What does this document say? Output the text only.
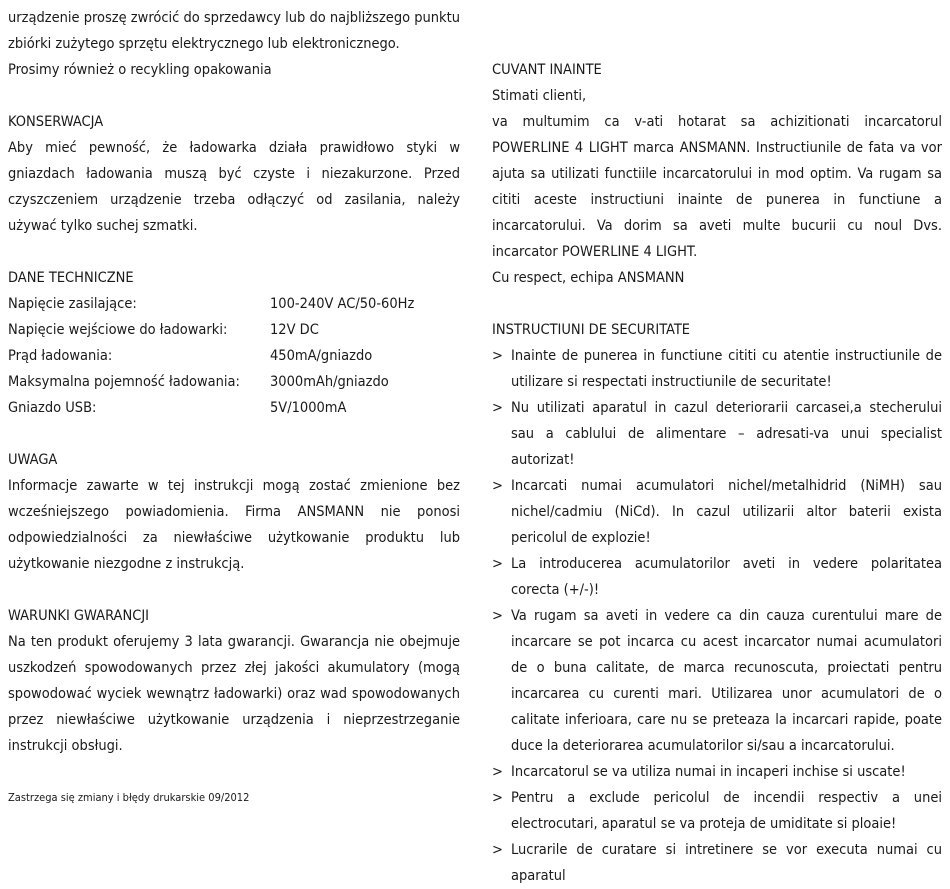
urządzenie proszę zwrócić do sprzedawcy lub do najbliższego punktu

zbiórki zużytego sprzętu elektrycznego lub elektronicznego.

Prosimy również o recykling opakowania

KONSERWACJA

Aby mieć pewność, że ładowarka działa prawidłowo styki w gniazdach ładowania muszą być czyste i niezakurzone. Przed czyszczeniem urządzenie trzeba odłączyć od zasilania, należy używać tylko suchej szmatki.

DANE TECHNICZNE

Napięcie zasilające:	100-240V AC/50-60Hz
Napięcie wejściowe do ładowarki:	12V DC
Prąd ładowania:	450mA/gniazdo
Maksymalna pojemność ładowania:	3000mAh/gniazdo
Gniazdo USB:	5V/1000mA

UWAGA

Informacje zawarte w tej instrukcji mogą zostać zmienione bez wcześniejszego powiadomienia. Firma ANSMANN nie ponosi odpowiedzialności za niewłaściwe użytkowanie produktu lub użytkowanie niezgodne z instrukcją.

WARUNKI GWARANCJI

Na ten produkt oferujemy 3 lata gwarancji. Gwarancja nie obejmuje uszkodzeń spowodowanych przez złej jakości akumulatory (mogą spowodować wyciek wewnątrz ładowarki) oraz wad spowodowanych przez niewłaściwe użytkowanie urządzenia i nieprzestrzeganie instrukcji obsługi.

Zastrzega się zmiany i błędy drukarskie 09/2012

CUVANT INAINTE

Stimati clienti,

va multumim ca v-ati hotarat sa achizitionati incarcatorul POWERLINE 4 LIGHT marca ANSMANN. Instructiunile de fata va vor ajuta sa utilizati functiile incarcatorului in mod optim. Va rugam sa cititi aceste instructiuni inainte de punerea in functiune a incarcatorului. Va dorim sa aveti multe bucurii cu noul Dvs. incarcator POWERLINE 4 LIGHT.

Cu respect, echipa ANSMANN

INSTRUCTIUNI DE SECURITATE

> Inainte de punerea in functiune cititi cu atentie instructiunile de utilizare si respectati instructiunile de securitate!
> Nu utilizati aparatul in cazul deteriorarii carcasei,a stecherului sau a cablului de alimentare – adresati-va unui specialist autorizat!
> Incarcati numai acumulatori nichel/metalhidrid (NiMH) sau nichel/cadmiu (NiCd). In cazul utilizarii altor baterii exista pericolul de explozie!
> La introducerea acumulatorilor aveti in vedere polaritatea corecta (+/-)!
> Va rugam sa aveti in vedere ca din cauza curentului mare de incarcare se pot incarca cu acest incarcator numai acumulatori de o buna calitate, de marca recunoscuta, proiectati pentru incarcarea cu curenti mari. Utilizarea unor acumulatori de o calitate inferioara, care nu se preteaza la incarcari rapide, poate duce la deteriorarea acumulatorilor si/sau a incarcatorului.
> Incarcatorul se va utiliza numai in incaperi inchise si uscate!
> Pentru a exclude pericolul de incendii respectiv a unei electrocutari, aparatul se va proteja de umiditate si ploaie!
> Lucrarile de curatare si intretinere se vor executa numai cu aparatul
